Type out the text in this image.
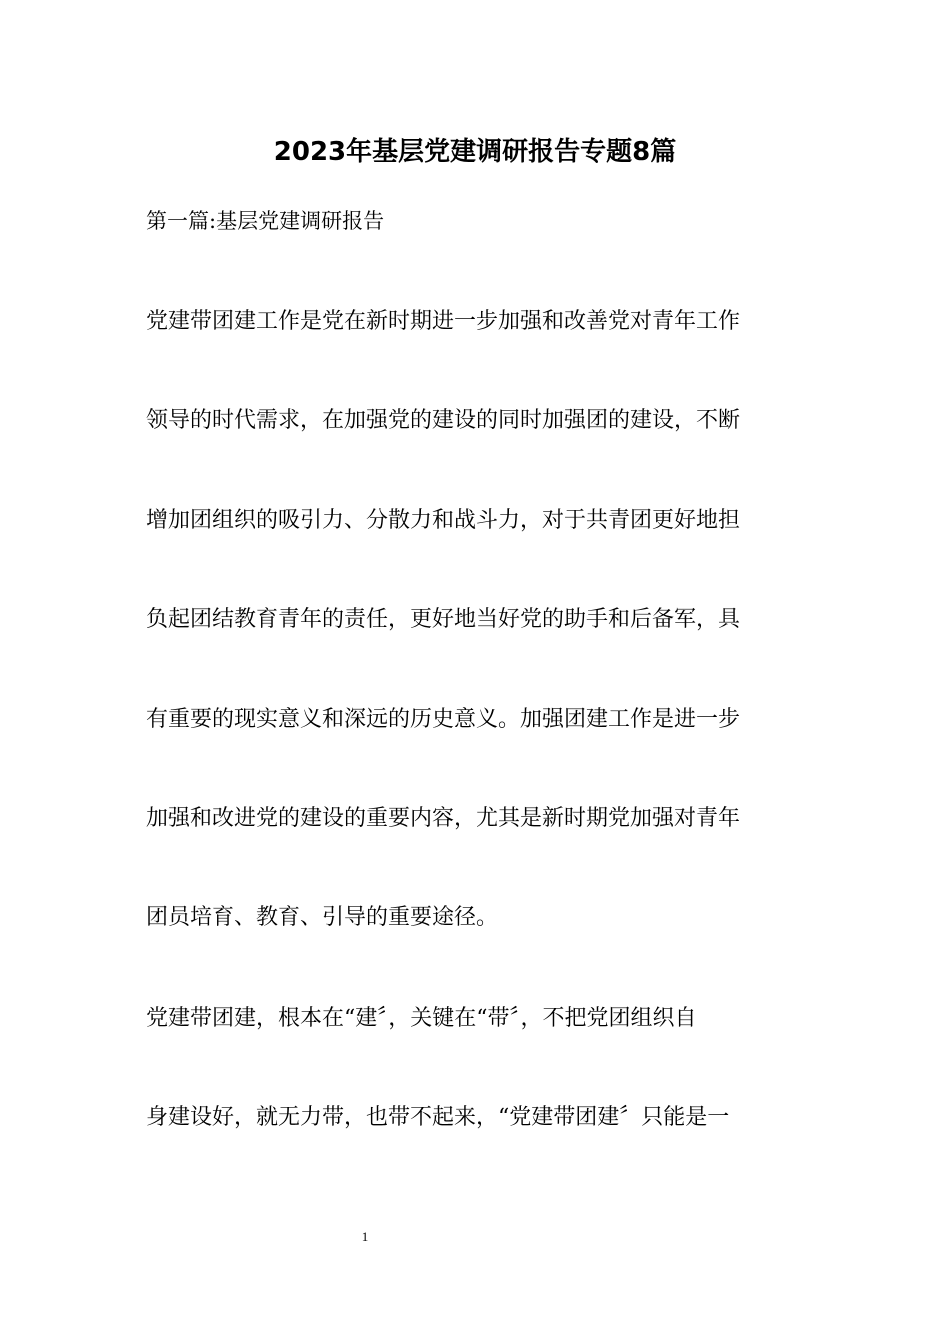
2023年基层党建调研报告专题8篇

第一篇:基层党建调研报告

党建带团建工作是党在新时期进一步加强和改善党对青年工作

领导的时代需求，在加强党的建设的同时加强团的建设，不断

增加团组织的吸引力、分散力和战斗力，对于共青团更好地担

负起团结教育青年的责任，更好地当好党的助手和后备军，具

有重要的现实意义和深远的历史意义。加强团建工作是进一步

加强和改进党的建设的重要内容，尤其是新时期党加强对青年

团员培育、教育、引导的重要途径。

党建带团建，根本在“建〞，关键在“带〞，不把党团组织自

身建设好，就无力带，也带不起来，“党建带团建〞只能是一

1
